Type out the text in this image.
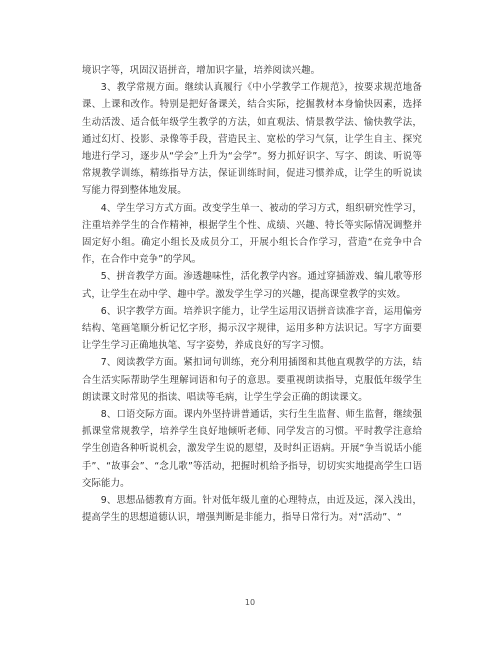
境识字等，巩固汉语拼音，增加识字量，培养阅读兴趣。

3、教学常规方面。继续认真履行《中小学教学工作规范》，按要求规范地备课、上课和改作。特别是把好备课关，结合实际，挖掘教材本身愉快因素，选择生动活泼、适合低年级学生教学的方法，如直观法、情景教学法、愉快教学法，通过幻灯、投影、录像等手段，营造民主、宽松的学习气氛，让学生自主、探究地进行学习，逐步从“学会”上升为“会学”。努力抓好识字、写字、朗读、听说等常规教学训练，精练指导方法，保证训练时间，促进习惯养成，让学生的听说读写能力得到整体地发展。

4、学生学习方式方面。改变学生单一、被动的学习方式，组织研究性学习，注重培养学生的合作精神，根据学生个性、成绩、兴趣、特长等实际情况调整并固定好小组。确定小组长及成员分工，开展小组长合作学习，营造“在竞争中合作，在合作中竞争”的学风。

5、拼音教学方面。渗透趣味性，活化教学内容。通过穿插游戏、编儿歌等形式，让学生在动中学、趣中学。激发学生学习的兴趣，提高课堂教学的实效。

6、识字教学方面。培养识字能力，让学生运用汉语拼音读准字音，运用偏旁结构、笔画笔顺分析记忆字形，揭示汉字规律，运用多种方法识记。写字方面要让学生学习正确地执笔、写字姿势，养成良好的写字习惯。

7、阅读教学方面。紧扣词句训练，充分利用插图和其他直观教学的方法，结合生活实际帮助学生理解词语和句子的意思。要重视朗读指导，克服低年级学生朗读课文时常见的指读、唱读等毛病，让学生学会正确的朗读课文。

8、口语交际方面。课内外坚持讲普通话，实行生生监督、师生监督，继续强抓课堂常规教学，培养学生良好地倾听老师、同学发言的习惯。平时教学注意给学生创造各种听说机会，激发学生说的愿望，及时纠正语病。开展“争当说话小能手”、“故事会”、“念儿歌”等活动，把握时机给予指导，切切实实地提高学生口语交际能力。

9、思想品德教育方面。针对低年级儿童的心理特点，由近及远，深入浅出，提高学生的思想道德认识，增强判断是非能力，指导日常行为。对“活动”、“

10
